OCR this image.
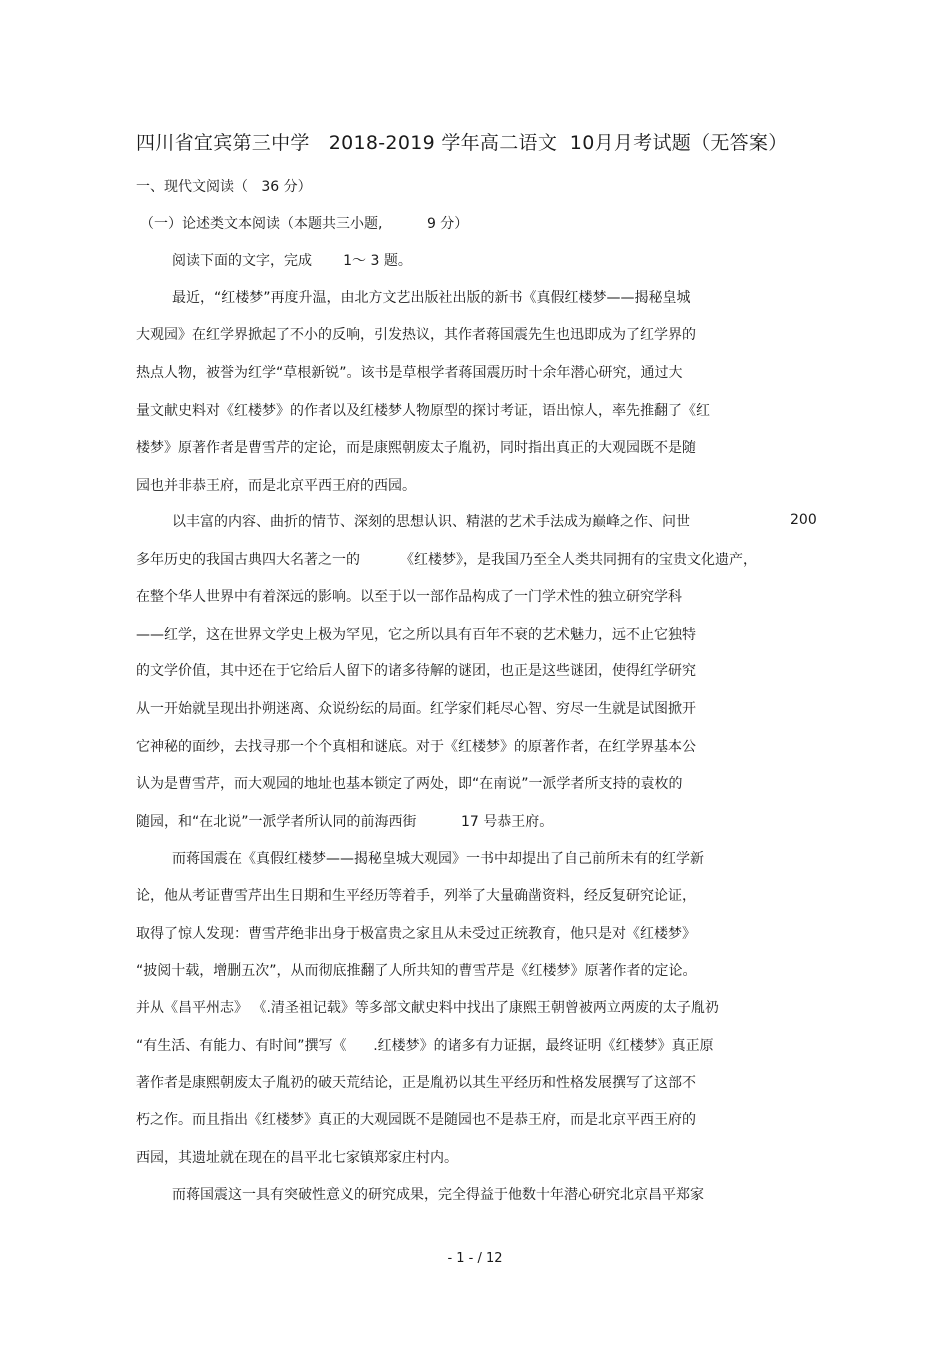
四川省宜宾第三中学   2018-2019 学年高二语文  10月月考试题（无答案）
一、现代文阅读（   36 分）
（一）论述类文本阅读（本题共三小题,          9 分）
阅读下面的文字，完成       1～ 3 题。
最近，“红楼梦”再度升温，由北方文艺出版社出版的新书《真假红楼梦——揭秘皇城
大观园》在红学界掀起了不小的反响，引发热议，其作者蒋国震先生也迅即成为了红学界的
热点人物，被誉为红学“草根新锐”。该书是草根学者蒋国震历时十余年潜心研究，通过大
量文献史料对《红楼梦》的作者以及红楼梦人物原型的探讨考证，语出惊人，率先推翻了《红
楼梦》原著作者是曹雪芹的定论，而是康熙朝废太子胤礽，同时指出真正的大观园既不是随
园也并非恭王府，而是北京平西王府的西园。
以丰富的内容、曲折的情节、深刻的思想认识、精湛的艺术手法成为巅峰之作、问世	200
多年历史的我国古典四大名著之一的         《红楼梦》，是我国乃至全人类共同拥有的宝贵文化遗产，
在整个华人世界中有着深远的影响。以至于以一部作品构成了一门学术性的独立研究学科
——红学，这在世界文学史上极为罕见，它之所以具有百年不衰的艺术魅力，远不止它独特
的文学价值，其中还在于它给后人留下的诸多待解的谜团，也正是这些谜团，使得红学研究
从一开始就呈现出扑朔迷离、众说纷纭的局面。红学家们耗尽心智、穷尽一生就是试图掀开
它神秘的面纱，去找寻那一个个真相和谜底。对于《红楼梦》的原著作者，在红学界基本公
认为是曹雪芹，而大观园的地址也基本锁定了两处，即“在南说”一派学者所支持的袁枚的
随园，和“在北说”一派学者所认同的前海西街          17 号恭王府。
而蒋国震在《真假红楼梦——揭秘皇城大观园》一书中却提出了自己前所未有的红学新
论，他从考证曹雪芹出生日期和生平经历等着手，列举了大量确凿资料，经反复研究论证，
取得了惊人发现：曹雪芹绝非出身于极富贵之家且从未受过正统教育，他只是对《红楼梦》
“披阅十载，增删五次”，从而彻底推翻了人所共知的曹雪芹是《红楼梦》原著作者的定论。
并从《昌平州志》 《.清圣祖记载》等多部文献史料中找出了康熙王朝曾被两立两废的太子胤礽
“有生活、有能力、有时间”撰写《      .红楼梦》的诸多有力证据，最终证明《红楼梦》真正原
著作者是康熙朝废太子胤礽的破天荒结论，正是胤礽以其生平经历和性格发展撰写了这部不
朽之作。而且指出《红楼梦》真正的大观园既不是随园也不是恭王府，而是北京平西王府的
西园，其遗址就在现在的昌平北七家镇郑家庄村内。
而蒋国震这一具有突破性意义的研究成果，完全得益于他数十年潜心研究北京昌平郑家
- 1 - / 12
